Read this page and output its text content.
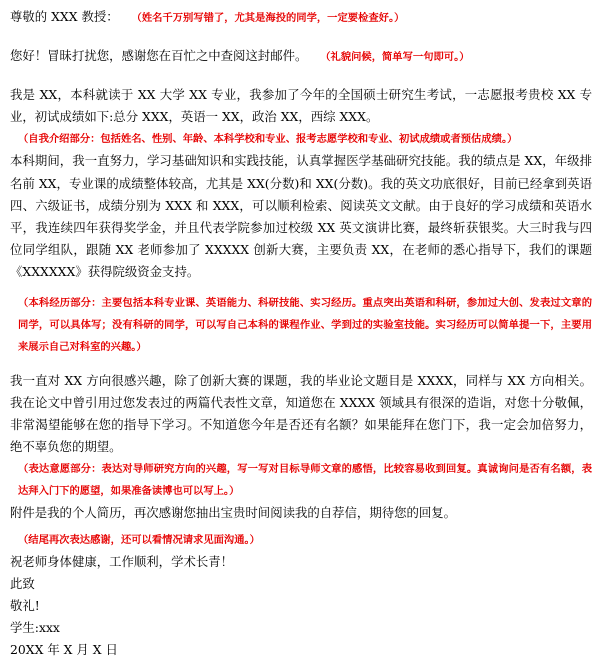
尊敬的 XXX 教授： （姓名千万别写错了，尤其是海投的同学，一定要检查好。）
您好！冒昧打扰您，感谢您在百忙之中查阅这封邮件。 （礼貌问候，简单写一句即可。）
我是 XX，本科就读于 XX 大学 XX 专业，我参加了今年的全国硕士研究生考试，一志愿报考贵校 XX 专业，初试成绩如下:总分 XXX，英语一 XX，政治 XX，西综 XXX。
（自我介绍部分：包括姓名、性别、年龄、本科学校和专业、报考志愿学校和专业、初试成绩或者预估成绩。）
本科期间，我一直努力，学习基础知识和实践技能，认真掌握医学基础研究技能。我的绩点是 XX，年级排名前 XX，专业课的成绩整体较高，尤其是 XX(分数)和 XX(分数)。我的英文功底很好，目前已经拿到英语四、六级证书，成绩分别为 XXX 和 XXX，可以顺利检索、阅读英文文献。由于良好的学习成绩和英语水平，我连续四年获得奖学金，并且代表学院参加过校级 XX 英文演讲比赛，最终斩获银奖。大三时我与四位同学组队，跟随 XX 老师参加了 XXXXX 创新大赛，主要负责 XX，在老师的悉心指导下，我们的课题《XXXXXX》获得院级资金支持。
（本科经历部分：主要包括本科专业课、英语能力、科研技能、实习经历。重点突出英语和科研，参加过大创、发表过文章的同学，可以具体写；没有科研的同学，可以写自己本科的课程作业、学到过的实验室技能。实习经历可以简单提一下，主要用来展示自己对科室的兴趣。）
我一直对 XX 方向很感兴趣，除了创新大赛的课题，我的毕业论文题目是 XXXX，同样与 XX 方向相关。我在论文中曾引用过您发表过的两篇代表性文章，知道您在 XXXX 领域具有很深的造诣，对您十分敬佩，非常渴望能够在您的指导下学习。不知道您今年是否还有名额？如果能拜在您门下，我一定会加倍努力，绝不辜负您的期望。
（表达意愿部分：表达对导师研究方向的兴趣，写一写对目标导师文章的感悟，比较容易收到回复。真诚询问是否有名额，表达拜入门下的愿望，如果准备读博也可以写上。）
附件是我的个人简历，再次感谢您抽出宝贵时间阅读我的自荐信，期待您的回复。
（结尾再次表达感谢，还可以看情况请求见面沟通。）
祝老师身体健康，工作顺利，学术长青！
此致
敬礼!
学生:xxx
20XX 年 X 月 X 日
